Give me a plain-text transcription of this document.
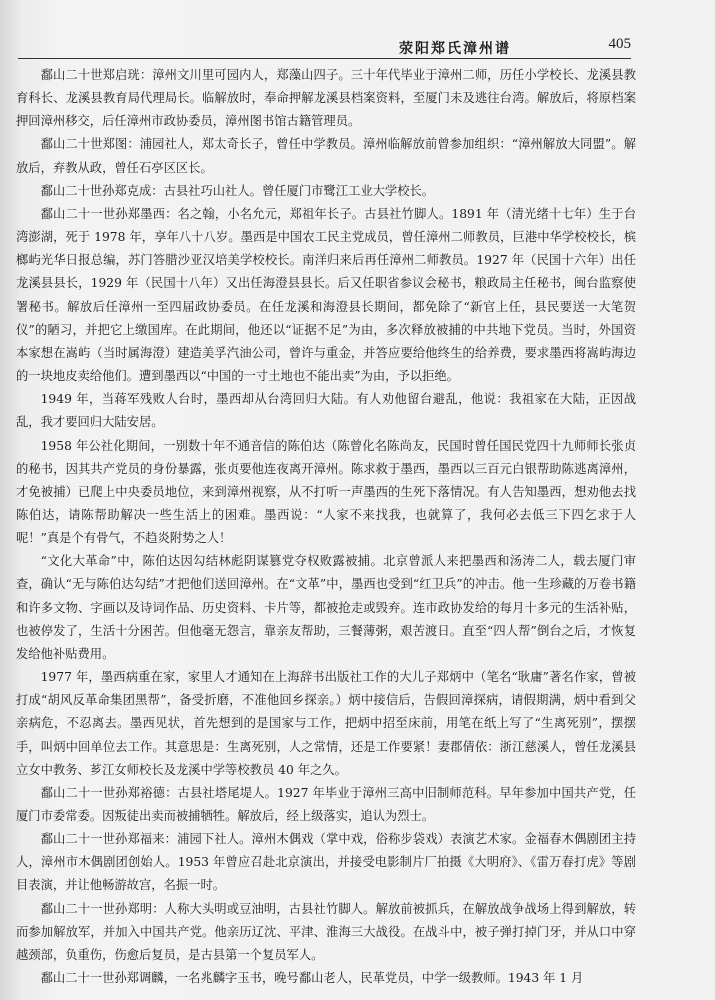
荥阳郑氏漳州谱	405

鄱山二十世郑启珖：漳州文川里可园内人，郑藻山四子。三十年代毕业于漳州二师，历任小学校长、龙溪县教育科长、龙溪县教育局代理局长。临解放时，奉命押解龙溪县档案资料，至厦门未及逃往台湾。解放后，将原档案押回漳州移交，后任漳州市政协委员，漳州图书馆古籍管理员。

鄱山二十世郑图：浦园社人，郑太奇长子，曾任中学教员。漳州临解放前曾参加组织：“漳州解放大同盟”。解放后，弃教从政，曾任石亭区区长。

鄱山二十世孙郑克成：古县社巧山社人。曾任厦门市鹭江工业大学校长。

鄱山二十一世孙郑墨西：名之翰，小名允元，郑祖年长子。古县社竹脚人。1891 年（清光绪十七年）生于台湾澎湖，死于 1978 年，享年八十八岁。墨西是中国农工民主党成员，曾任漳州二师教员，巨港中华学校校长，槟榔屿光华日报总编，苏门答腊沙亚汉培美学校校长。南洋归来后再任漳州二师教员。1927 年（民国十六年）出任龙溪县县长，1929 年（民国十八年）又出任海澄县县长。后又任职省参议会秘书，粮政局主任秘书，闽台监察使署秘书。解放后任漳州一至四届政协委员。在任龙溪和海澄县长期间，都免除了“新官上任，县民要送一大笔贺仪”的陋习，并把它上缴国库。在此期间，他还以“证据不足”为由，多次释放被捕的中共地下党员。当时，外国资本家想在嵩屿（当时属海澄）建造美孚汽油公司，曾许与重金，并答应要给他终生的给养费，要求墨西将嵩屿海边的一块地皮卖给他们。遭到墨西以“中国的一寸土地也不能出卖”为由，予以拒绝。

1949 年，当蒋军残败人台时，墨西却从台湾回归大陆。有人劝他留台避乱，他说：我祖家在大陆，正因战乱，我才要回归大陆安居。

1958 年公社化期间，一别数十年不通音信的陈伯达（陈曾化名陈尚友，民国时曾任国民党四十九师师长张贞的秘书，因其共产党员的身份暴露，张贞要他连夜离开漳州。陈求救于墨西，墨西以三百元白银帮助陈逃离漳州，才免被捕）已爬上中央委员地位，来到漳州视察，从不打听一声墨西的生死下落情况。有人告知墨西，想劝他去找陈伯达，请陈帮助解决一些生活上的困难。墨西说：“人家不来找我，也就算了，我何必去低三下四乞求于人呢！”真是个有骨气，不趋炎附势之人！

“文化大革命”中，陈伯达因勾结林彪阴谋篡党夺权败露被捕。北京曾派人来把墨西和汤涛二人，载去厦门审查，确认“无与陈伯达勾结”才把他们送回漳州。在“文革”中，墨西也受到“红卫兵”的冲击。他一生珍藏的万卷书籍和许多文物、字画以及诗词作品、历史资料、卡片等，都被抢走或毁弃。连市政协发给的每月十多元的生活补贴，也被停发了，生活十分困苦。但他毫无怨言，靠亲友帮助，三餐薄粥，艰苦渡日。直至“四人帮”倒台之后，才恢复发给他补贴费用。

1977 年，墨西病重在家，家里人才通知在上海辞书出版社工作的大儿子郑炳中（笔名“耿庸”著名作家，曾被打成“胡风反革命集团黑帮”，备受折磨，不准他回乡探亲。）炳中接信后，告假回漳探病，请假期满，炳中看到父亲病危，不忍离去。墨西见状，首先想到的是国家与工作，把炳中招至床前，用笔在纸上写了“生离死别”，摆摆手，叫炳中回单位去工作。其意思是：生离死别，人之常情，还是工作要紧！妻郡倩依：浙江慈溪人，曾任龙溪县立女中教务、芗江女师校长及龙溪中学等校教员 40 年之久。

鄱山二十一世孙郑裕德：古县社塔尾堤人。1927 年毕业于漳州三高中旧制师范科。早年参加中国共产党，任厦门市委常委。因叛徒出卖而被捕牺牲。解放后，经上级落实，追认为烈士。

鄱山二十一世孙郑福来：浦园下社人。漳州木偶戏（掌中戏，俗称步袋戏）表演艺术家。金福春木偶剧团主持人，漳州市木偶剧团创始人。1953 年曾应召赴北京演出，并接受电影制片厂拍摄《大明府》、《雷万春打虎》等剧目表演，并让他畅游故宫，名振一时。

鄱山二十一世孙郑明：人称大头明或豆油明，古县社竹脚人。解放前被抓兵，在解放战争战场上得到解放，转而参加解放军，并加入中国共产党。他亲历辽沈、平津、淮海三大战役。在战斗中，被子弹打掉门牙，并从口中穿越颈部，负重伤，伤愈后复员，是古县第一个复员军人。

鄱山二十一世孙郑调麟，一名兆麟字玉书，晚号鄱山老人，民革党员，中学一级教师。1943 年 1 月
